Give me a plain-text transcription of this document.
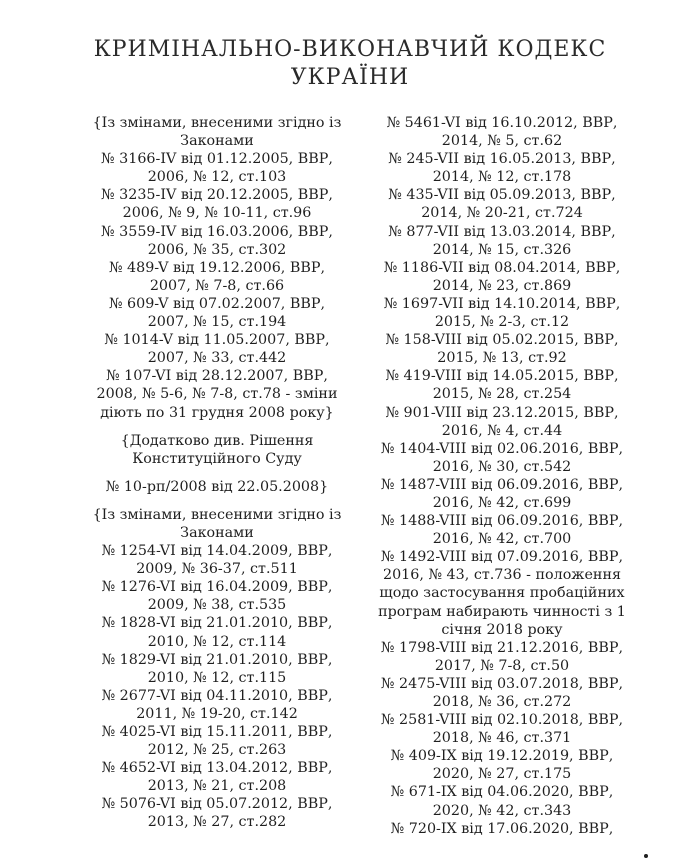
КРИМІНАЛЬНО-ВИКОНАВЧИЙ КОДЕКС
УКРАЇНИ
{Із змінами, внесеними згідно із
Законами
№ 3166-IV від 01.12.2005, ВВР,
2006, № 12, ст.103
№ 3235-IV від 20.12.2005, ВВР,
2006, № 9, № 10-11, ст.96
№ 3559-IV від 16.03.2006, ВВР,
2006, № 35, ст.302
№ 489-V від 19.12.2006, ВВР,
2007, № 7-8, ст.66
№ 609-V від 07.02.2007, ВВР,
2007, № 15, ст.194
№ 1014-V від 11.05.2007, ВВР,
2007, № 33, ст.442
№ 107-VI від 28.12.2007, ВВР,
2008, № 5-6, № 7-8, ст.78 - зміни
діють по 31 грудня 2008 року}
{Додатково див. Рішення
Конституційного Суду
№ 10-рп/2008 від 22.05.2008}
{Із змінами, внесеними згідно із
Законами
№ 1254-VI від 14.04.2009, ВВР,
2009, № 36-37, ст.511
№ 1276-VI від 16.04.2009, ВВР,
2009, № 38, ст.535
№ 1828-VI від 21.01.2010, ВВР,
2010, № 12, ст.114
№ 1829-VI від 21.01.2010, ВВР,
2010, № 12, ст.115
№ 2677-VI від 04.11.2010, ВВР,
2011, № 19-20, ст.142
№ 4025-VI від 15.11.2011, ВВР,
2012, № 25, ст.263
№ 4652-VI від 13.04.2012, ВВР,
2013, № 21, ст.208
№ 5076-VI від 05.07.2012, ВВР,
2013, № 27, ст.282
№ 5461-VI від 16.10.2012, ВВР,
2014, № 5, ст.62
№ 245-VII від 16.05.2013, ВВР,
2014, № 12, ст.178
№ 435-VII від 05.09.2013, ВВР,
2014, № 20-21, ст.724
№ 877-VII від 13.03.2014, ВВР,
2014, № 15, ст.326
№ 1186-VII від 08.04.2014, ВВР,
2014, № 23, ст.869
№ 1697-VII від 14.10.2014, ВВР,
2015, № 2-3, ст.12
№ 158-VIII від 05.02.2015, ВВР,
2015, № 13, ст.92
№ 419-VIII від 14.05.2015, ВВР,
2015, № 28, ст.254
№ 901-VIII від 23.12.2015, ВВР,
2016, № 4, ст.44
№ 1404-VIII від 02.06.2016, ВВР,
2016, № 30, ст.542
№ 1487-VIII від 06.09.2016, ВВР,
2016, № 42, ст.699
№ 1488-VIII від 06.09.2016, ВВР,
2016, № 42, ст.700
№ 1492-VIII від 07.09.2016, ВВР,
2016, № 43, ст.736 - положення
щодо застосування пробаційних
програм набирають чинності з 1
січня 2018 року
№ 1798-VIII від 21.12.2016, ВВР,
2017, № 7-8, ст.50
№ 2475-VIII від 03.07.2018, ВВР,
2018, № 36, ст.272
№ 2581-VIII від 02.10.2018, ВВР,
2018, № 46, ст.371
№ 409-IX від 19.12.2019, ВВР,
2020, № 27, ст.175
№ 671-IX від 04.06.2020, ВВР,
2020, № 42, ст.343
№ 720-IX від 17.06.2020, ВВР,
